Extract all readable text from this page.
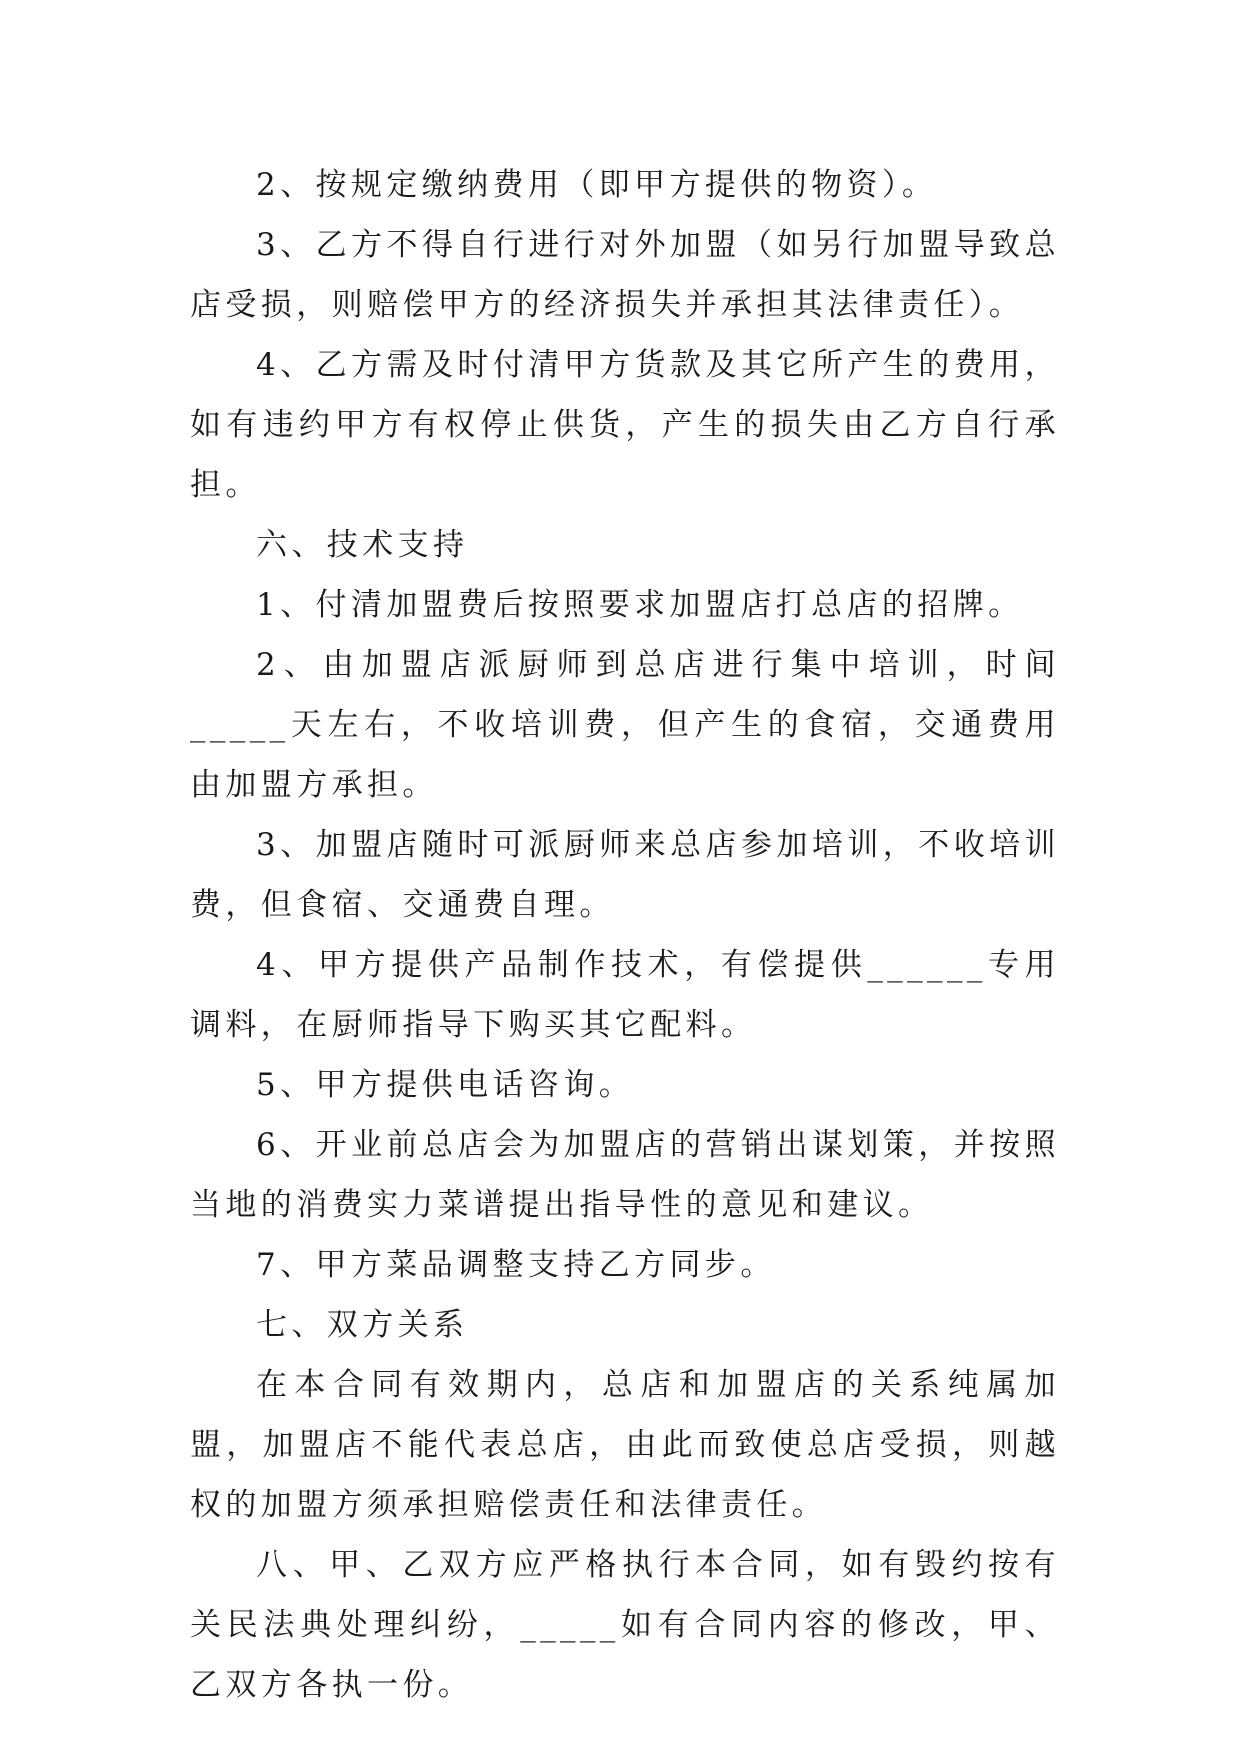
2、按规定缴纳费用（即甲方提供的物资）。

3、乙方不得自行进行对外加盟（如另行加盟导致总店受损，则赔偿甲方的经济损失并承担其法律责任）。

4、乙方需及时付清甲方货款及其它所产生的费用，如有违约甲方有权停止供货，产生的损失由乙方自行承担。

六、技术支持

1、付清加盟费后按照要求加盟店打总店的招牌。

2、由加盟店派厨师到总店进行集中培训，时间_____天左右，不收培训费，但产生的食宿，交通费用由加盟方承担。

3、加盟店随时可派厨师来总店参加培训，不收培训费，但食宿、交通费自理。

4、甲方提供产品制作技术，有偿提供______专用调料，在厨师指导下购买其它配料。

5、甲方提供电话咨询。

6、开业前总店会为加盟店的营销出谋划策，并按照当地的消费实力菜谱提出指导性的意见和建议。

7、甲方菜品调整支持乙方同步。

七、双方关系

在本合同有效期内，总店和加盟店的关系纯属加盟，加盟店不能代表总店，由此而致使总店受损，则越权的加盟方须承担赔偿责任和法律责任。

八、甲、乙双方应严格执行本合同，如有毁约按有关民法典处理纠纷，_____如有合同内容的修改，甲、乙双方各执一份。
